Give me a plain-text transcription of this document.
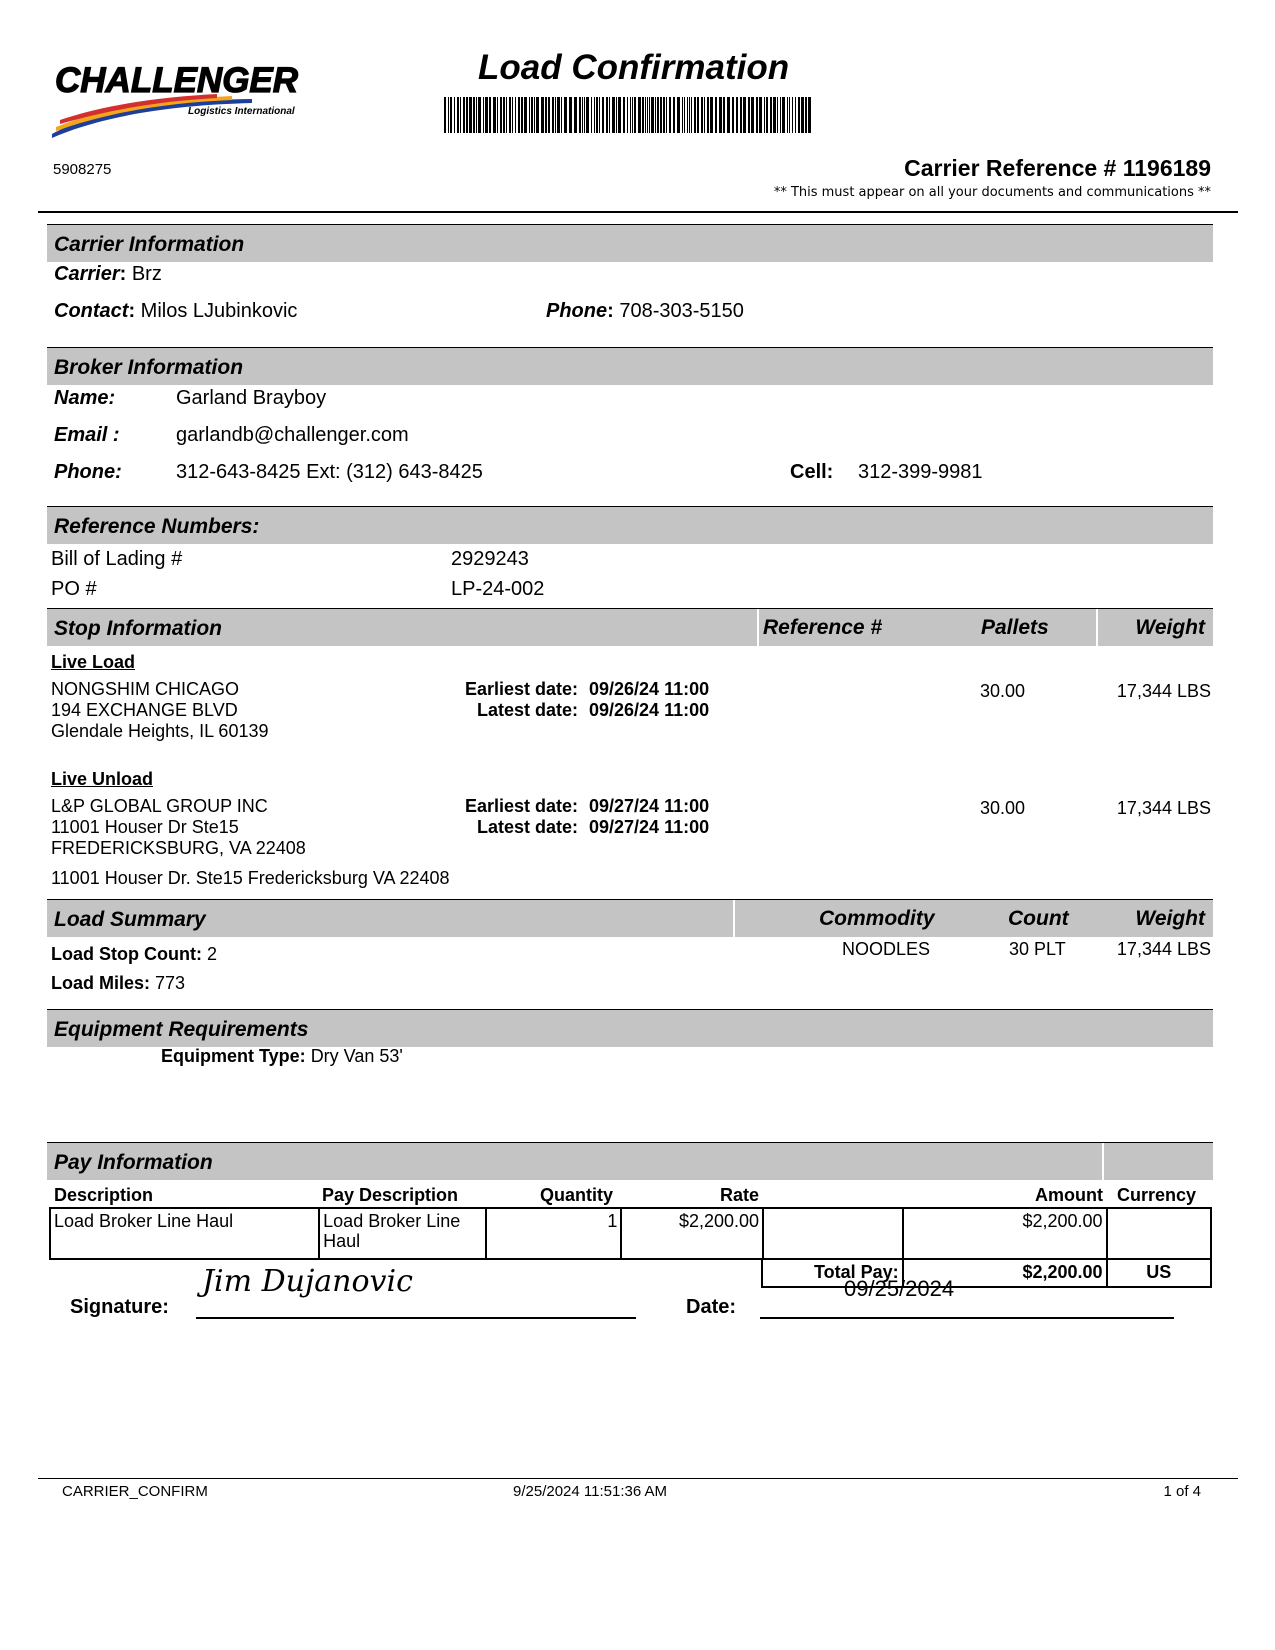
CHALLENGER
Logistics International
Load Confirmation
5908275	Carrier Reference # 1196189
** This must appear on all your documents and communications **
Carrier Information
Carrier: Brz
Contact: Milos LJubinkovic	Phone: 708-303-5150
Broker Information
Name:	Garland Brayboy
Email :	garlandb@challenger.com
Phone:	312-643-8425 Ext: (312) 643-8425	Cell: 312-399-9981
Reference Numbers:
Bill of Lading #	2929243
PO #	LP-24-002
Stop Information	Reference #	Pallets	Weight
Live Load
NONGSHIM CHICAGO
194 EXCHANGE BLVD
Glendale Heights, IL 60139
Earliest date: 09/26/24 11:00
Latest date: 09/26/24 11:00
30.00	17,344 LBS
Live Unload
L&P GLOBAL GROUP INC
11001 Houser Dr Ste15
FREDERICKSBURG, VA 22408
Earliest date: 09/27/24 11:00
Latest date: 09/27/24 11:00
30.00	17,344 LBS
11001 Houser Dr. Ste15 Fredericksburg VA 22408
Load Summary	Commodity	Count	Weight
Load Stop Count: 2
Load Miles: 773
NOODLES	30 PLT	17,344 LBS
Equipment Requirements
Equipment Type: Dry Van 53'
Pay Information
Description	Pay Description	Quantity	Rate	Amount Currency
Load Broker Line Haul	Load Broker Line Haul	1	$2,200.00		$2,200.00	
Total Pay:	$2,200.00	US
Signature:
Jim Dujanovic
Date:
09/25/2024
CARRIER_CONFIRM	9/25/2024 11:51:36 AM	1 of 4
